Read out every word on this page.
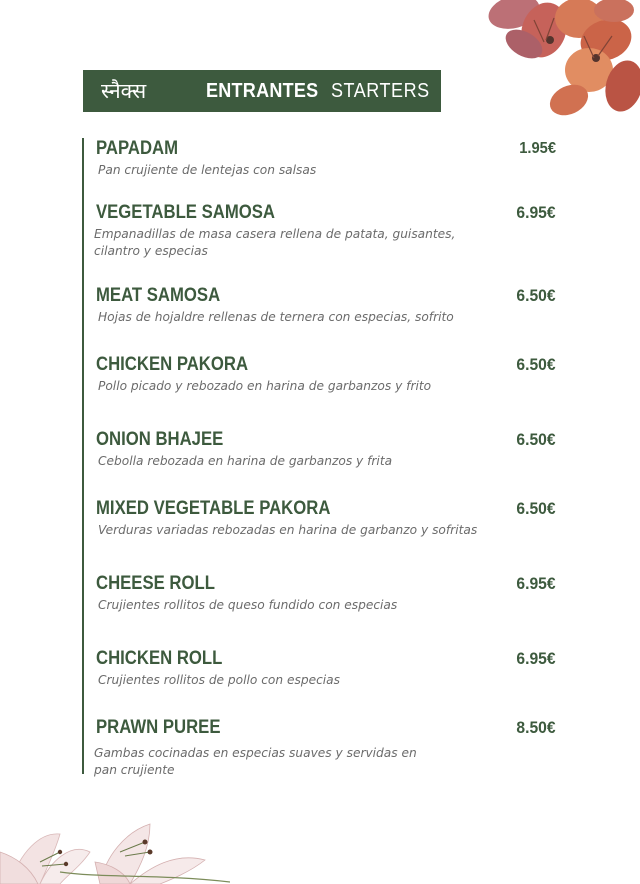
स्नैक्स	ENTRANTES STARTERS
PAPADAM	1.95€
Pan crujiente de lentejas con salsas
VEGETABLE SAMOSA	6.95€
Empanadillas de masa casera rellena de patata, guisantes, cilantro y especias
MEAT SAMOSA	6.50€
Hojas de hojaldre rellenas de ternera con especias, sofrito
CHICKEN PAKORA	6.50€
Pollo picado y rebozado en harina de garbanzos y frito
ONION BHAJEE	6.50€
Cebolla rebozada en harina de garbanzos y frita
MIXED VEGETABLE PAKORA	6.50€
Verduras variadas rebozadas en harina de garbanzo y sofritas
CHEESE ROLL	6.95€
Crujientes rollitos de queso fundido con especias
CHICKEN ROLL	6.95€
Crujientes rollitos de pollo con especias
PRAWN PUREE	8.50€
Gambas cocinadas en especias suaves y servidas en pan crujiente
